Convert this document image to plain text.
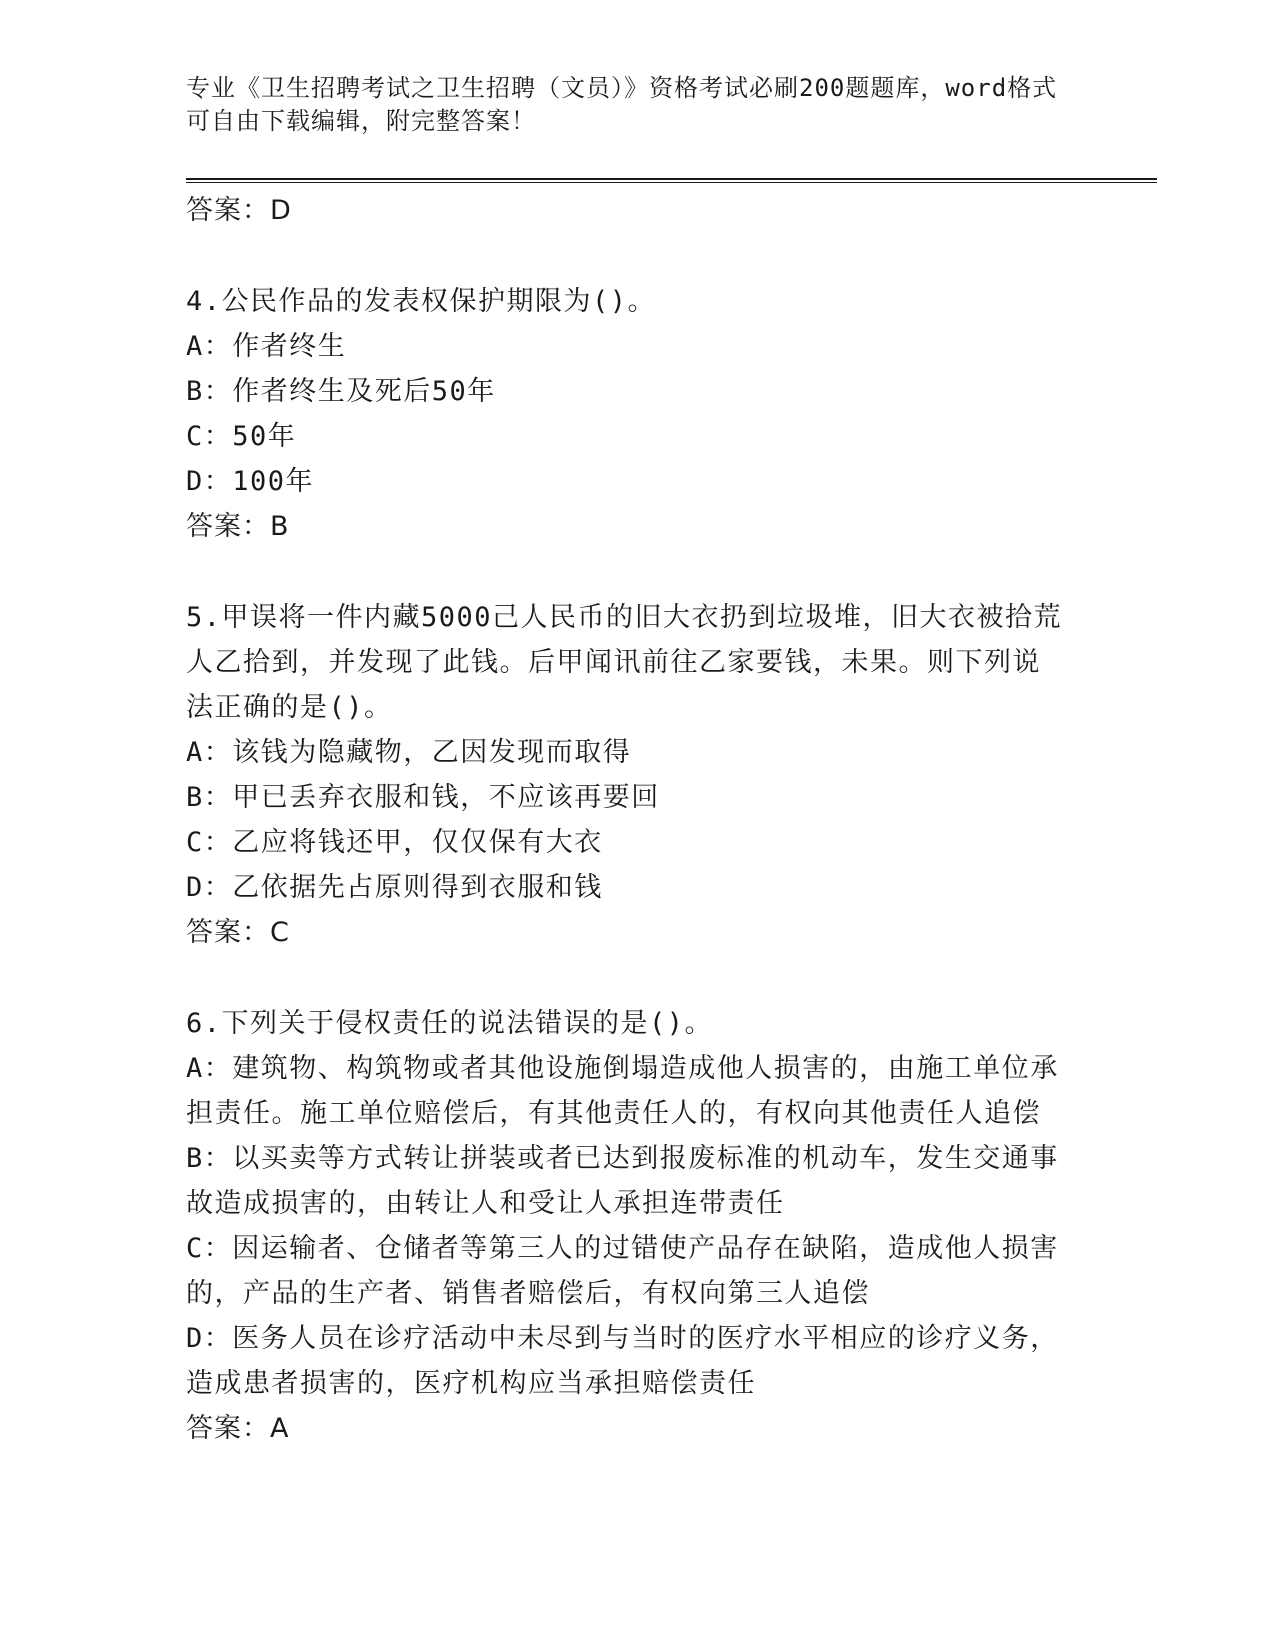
专业《卫生招聘考试之卫生招聘（文员）》资格考试必刷200题题库，word格式
可自由下载编辑，附完整答案！
答案：D
4.公民作品的发表权保护期限为()。
A：作者终生
B：作者终生及死后50年
C：50年
D：100年
答案：B
5.甲误将一件内藏5000己人民币的旧大衣扔到垃圾堆，旧大衣被拾荒
人乙拾到，并发现了此钱。后甲闻讯前往乙家要钱，未果。则下列说
法正确的是()。
A：该钱为隐藏物，乙因发现而取得
B：甲已丢弃衣服和钱，不应该再要回
C：乙应将钱还甲，仅仅保有大衣
D：乙依据先占原则得到衣服和钱
答案：C
6.下列关于侵权责任的说法错误的是()。
A：建筑物、构筑物或者其他设施倒塌造成他人损害的，由施工单位承
担责任。施工单位赔偿后，有其他责任人的，有权向其他责任人追偿
B：以买卖等方式转让拼装或者已达到报废标准的机动车，发生交通事
故造成损害的，由转让人和受让人承担连带责任
C：因运输者、仓储者等第三人的过错使产品存在缺陷，造成他人损害
的，产品的生产者、销售者赔偿后，有权向第三人追偿
D：医务人员在诊疗活动中未尽到与当时的医疗水平相应的诊疗义务，
造成患者损害的，医疗机构应当承担赔偿责任
答案：A
